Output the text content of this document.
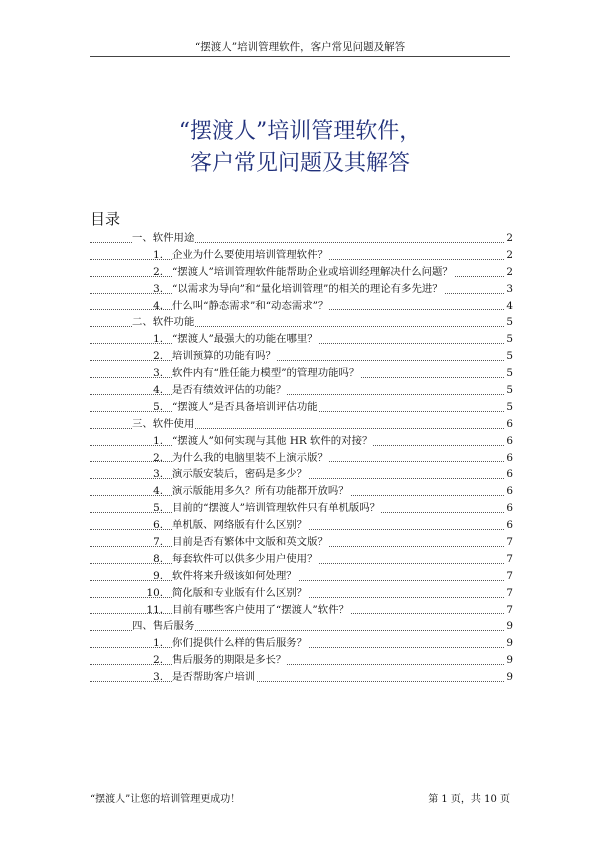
“摆渡人”培训管理软件，客户常见问题及解答
“摆渡人”培训管理软件，
客户常见问题及其解答
目录
一、软件用途	2
1. 企业为什么要使用培训管理软件？	2
2. “摆渡人”培训管理软件能帮助企业或培训经理解决什么问题？	2
3. “以需求为导向”和“量化培训管理”的相关的理论有多先进？	3
4. 什么叫“静态需求”和“动态需求”？	4
二、软件功能	5
1. “摆渡人”最强大的功能在哪里？	5
2. 培训预算的功能有吗？	5
3. 软件内有“胜任能力模型”的管理功能吗？	5
4. 是否有绩效评估的功能？	5
5. “摆渡人”是否具备培训评估功能	5
三、软件使用	6
1. “摆渡人”如何实现与其他 HR 软件的对接？	6
2. 为什么我的电脑里装不上演示版？	6
3. 演示版安装后，密码是多少？	6
4. 演示版能用多久？所有功能都开放吗？	6
5. 目前的“摆渡人”培训管理软件只有单机版吗？	6
6. 单机版、网络版有什么区别？	6
7. 目前是否有繁体中文版和英文版？	7
8. 每套软件可以供多少用户使用？	7
9. 软件将来升级该如何处理？	7
10. 简化版和专业版有什么区别？	7
11. 目前有哪些客户使用了“摆渡人”软件？	7
四、售后服务	9
1. 你们提供什么样的售后服务？	9
2. 售后服务的期限是多长？	9
3. 是否帮助客户培训	9
“摆渡人”让您的培训管理更成功！	第 1 页，共 10 页
